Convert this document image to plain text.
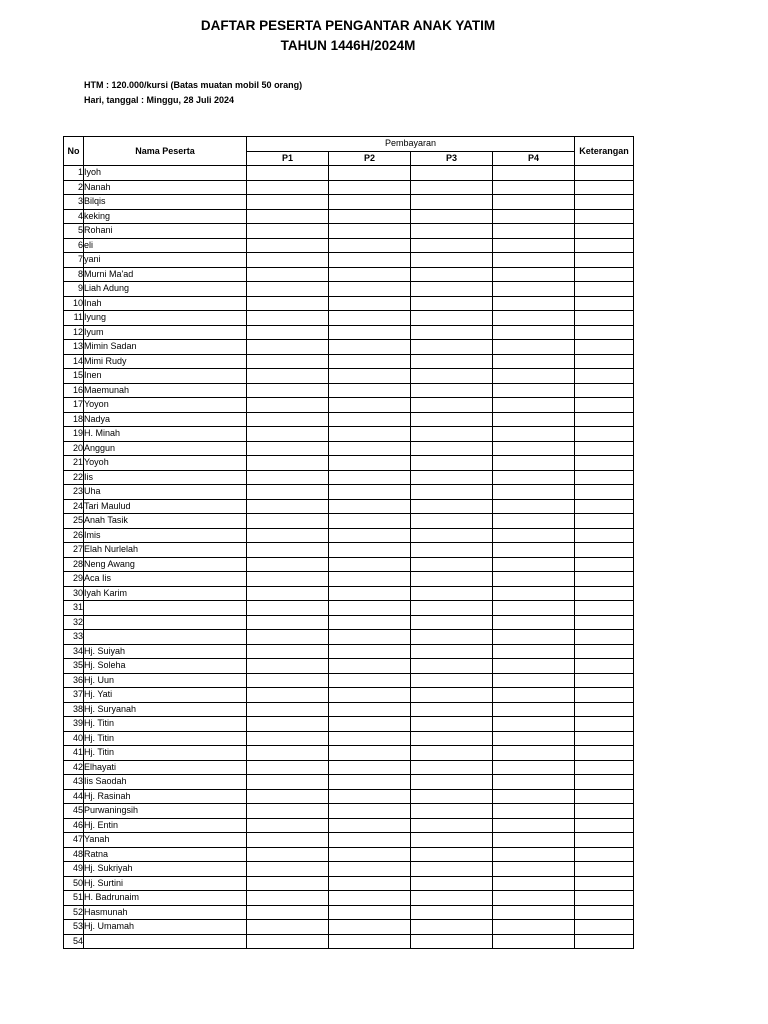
DAFTAR PESERTA PENGANTAR ANAK YATIM
TAHUN 1446H/2024M
HTM : 120.000/kursi (Batas muatan mobil 50 orang)
Hari, tanggal : Minggu, 28 Juli 2024
No	Nama Peserta	Pembayaran				Keterangan
		P1	P2	P3	P4	
1	Iyoh					
2	Nanah					
3	Bilqis					
4	keking					
5	Rohani					
6	eli					
7	yani					
8	Murni Ma'ad					
9	Liah Adung					
10	Inah					
11	Iyung					
12	Iyum					
13	Mimin Sadan					
14	Mimi Rudy					
15	Inen					
16	Maemunah					
17	Yoyon					
18	Nadya					
19	H. Minah					
20	Anggun					
21	Yoyoh					
22	Iis					
23	Uha					
24	Tari Maulud					
25	Anah Tasik					
26	Imis					
27	Elah Nurlelah					
28	Neng Awang					
29	Aca Iis					
30	Iyah Karim					
31						
32						
33						
34	Hj. Suiyah					
35	Hj. Soleha					
36	Hj. Uun					
37	Hj. Yati					
38	Hj. Suryanah					
39	Hj. Titin					
40	Hj. Titin					
41	Hj. Titin					
42	Elhayati					
43	Iis Saodah					
44	Hj. Rasinah					
45	Purwaningsih					
46	Hj. Entin					
47	Yanah					
48	Ratna					
49	Hj. Sukriyah					
50	Hj. Surtini					
51	H. Badrunaim					
52	Hasmunah					
53	Hj. Umamah					
54						
